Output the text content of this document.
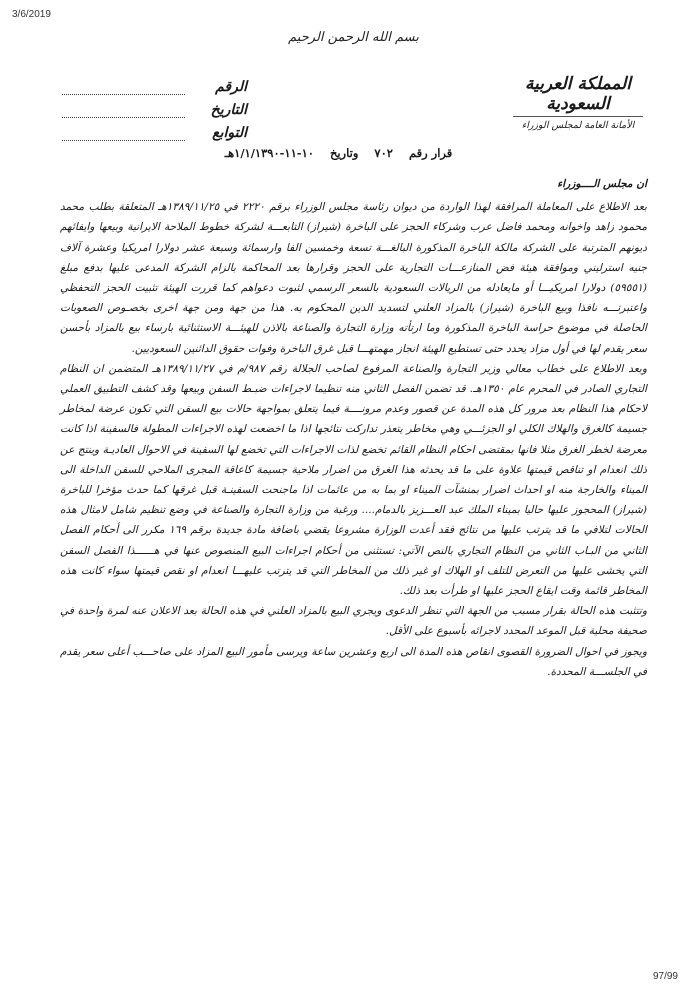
3/6/2019
بسم الله الرحمن الرحيم
المملكة العربية السعودية
الأمانة العامة لمجلس الوزراء
الرقم
التاريخ
التوابع
قرار رقم ٧٠٢ وتاريخ ١٠-١١-١/١/١٣٩٠هـ

ان مجلس الــــوزراء

بعد الاطلاع على المعاملة المرافقة لهذا الواردة من ديوان رئاسة مجلس الوزراء برقم ٢٢٢٠ في ١٣٨٩/١١/٢٥هـ المتعلقة بطلب محمد محمود زاهد واخوانه ومحمد فاضل عرب وشركاء الحجز على الباخرة (شيراز) التابعـــة لشركة خطوط الملاحة الايرانية وبيعها وايفائهم ديونهم المترتبة على الشركة مالكة الباخرة المذكورة البالغـــة تسعة وخمسين الفا وارسمائة وسبعة عشر دولارا امريكيا وعشرة آلاف جنيه استرليني وموافقة هيئة فض المنازعـــات التجارية على الحجز وقرارها بعد المحاكمة بالزام الشركة المدعى عليها بدفع مبلغ (٥٩٥٥١) دولارا امريكيـــا أو مايعادله من الريالات السعودية بالسعر الرسمي لثبوت دعواهم كما قررت الهيئة تثبيت الحجز التحفظي واعتبرتـــه نافذا وبيع الباخرة (شيراز) بالمزاد العلني لتسديد الدين المحكوم به. هذا من جهة ومن جهة اخرى بخصـوص الصعوبات الحاصلة في موضوع حراسة الباخرة المذكورة وما ارتأته وزارة التجارة والصناعة بالاذن للهيئـــة الاستثنائية بارساء بيع بالمزاد بأحسن سعر يقدم لها في أول مزاد يحدد حتى تستطيع الهيئة انجاز مهمتهـــا قبل غرق الباخرة وفوات حقوق الدائنين السعوديين.

وبعد الاطلاع على خطاب معالي وزير التجارة والصناعة المرفوع لصاحب الجلالة رقم ٩٨٧/م في ١٣٨٩/١١/٢٧هـ المتضمن ان النظام التجاري الصادر في المحرم عام ١٣٥٠هـ. قد تضمن الفصل الثاني منه تنظيما لاجراءات ضبـط السفن وبيعها وقد كشف التطبيق العملي لاحكام هذا النظام بعد مرور كل هذه المدة عن قصور وعدم مرونــــة فيما يتعلق بمواجهة حالات بيع السفن التي تكون عرضة لمخاطر جسيمة كالغرق والهلاك الكلي او الجزئـــي وهي مخاطر يتعذر تداركت نتائجها اذا ما اخضعت لهذه الاجراءات المطولة فالسفينة اذا كانت معرضة لخطر الغرق مثلا فانها بمقتضى احكام النظام القائم تخضع لذات الاجراءات التي تخضع لها السفينة في الاحوال العاديـة وينتج عن ذلك انعدام او تناقص قيمتها علاوة على ما قد يحدثه هذا الغرق من اضرار ملاحية جسيمة كاعاقة المجرى الملاحي للسفن الداخلة الى الميناء والخارجة منه او احداث اضرار بمنشآت الميناء او بما به من عائمات اذا ماجنحت السفينـة قبل غرقها كما حدث مؤخرا للباخرة (شيراز) المحجوز عليها حاليا بميناء الملك عبد العـــزيز بالدمام.... ورغبة من وزارة التجارة والصناعة في وضع تنظيم شامل لامثال هذه الحالات لتلافي ما قد يترتب عليها من نتائج فقد أعدت الوزارة مشروعا يقضي باضافة مادة جديدة برقم ١٦٩ مكرر الى أحكام الفصل الثاني من البـاب الثاني من النظام التجاري بالنص الآتي: تستثنى من أحكام اجراءات البيع المنصوص عنها في هــــــذا الفصل السفن التي يخشى عليها من التعرض للتلف او الهلاك او غير ذلك من المخاطر التي قد يترتب عليهـــا انعدام او نقص قيمتها سواء كانت هذه المخاطر قائمة وقت ايقاع الحجز عليها او طرأت بعد ذلك.

وتتثبت هذه الحالة بقرار مسبب من الجهة التي تنظر الدعوى ويجري البيع بالمزاد العلني في هذه الحالة بعد الاعلان عنه لمرة واحدة في صحيفة محلية قبل الموعد المحدد لاجرائه بأسبوع على الأقل.

ويجوز في احوال الضرورة القصوى انقاص هذه المدة الى اربع وعشرين ساعة ويرسى مأمور البيع المزاد على صاحـــب أعلى سعر يقدم في الجلســـة المحددة.

97/99
